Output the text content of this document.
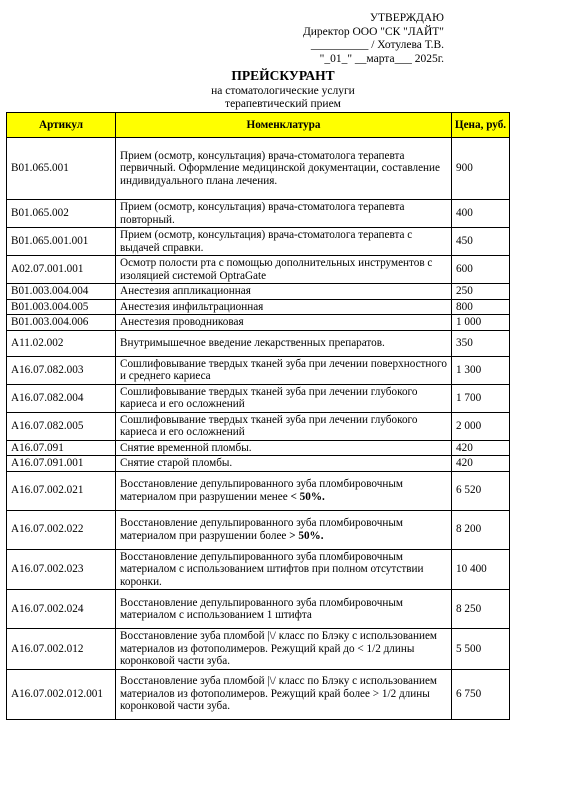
УТВЕРЖДАЮ
Директор ООО "СК "ЛАЙТ"
__________ / Хотулева Т.В.
"_01_" __марта___ 2025г.
ПРЕЙСКУРАНТ
на стоматологические услуги
терапевтический прием
Артикул	Номенклатура	Цена, руб.
B01.065.001	Прием (осмотр, консультация) врача-стоматолога терапевта первичный. Оформление медицинской документации, составление индивидуального плана лечения.	900
B01.065.002	Прием (осмотр, консультация) врача-стоматолога терапевта повторный.	400
B01.065.001.001	Прием (осмотр, консультация) врача-стоматолога терапевта с выдачей справки.	450
A02.07.001.001	Осмотр полости рта с помощью дополнительных инструментов с изоляцией системой OptraGate	600
B01.003.004.004	Анестезия аппликационная	250
B01.003.004.005	Анестезия инфильтрационная	800
B01.003.004.006	Анестезия проводниковая	1 000
A11.02.002	Внутримышечное введение лекарственных препаратов.	350
A16.07.082.003	Сошлифовывание твердых тканей зуба при лечении поверхностного и среднего кариеса	1 300
A16.07.082.004	Сошлифовывание твердых тканей зуба при лечении глубокого кариеса и его осложнений	1 700
A16.07.082.005	Сошлифовывание твердых тканей зуба при лечении глубокого кариеса и его осложнений	2 000
A16.07.091	Снятие временной пломбы.	420
A16.07.091.001	Снятие старой пломбы.	420
A16.07.002.021	Восстановление депульпированного зуба пломбировочным материалом при разрушении менее < 50%.	6 520
A16.07.002.022	Восстановление депульпированного зуба пломбировочным материалом при разрушении более > 50%.	8 200
A16.07.002.023	Восстановление депульпированного зуба пломбировочным материалом с использованием штифтов при полном отсутствии коронки.	10 400
A16.07.002.024	Восстановление депульпированного зуба пломбировочным материалом с использованием 1 штифта	8 250
A16.07.002.012	Восстановление зуба пломбой |\/ класс по Блэку с использованием материалов из фотополимеров. Режущий край до < 1/2 длины коронковой части зуба.	5 500
A16.07.002.012.001	Восстановление зуба пломбой |\/ класс по Блэку с использованием материалов из фотополимеров. Режущий край более > 1/2 длины коронковой части зуба.	6 750
